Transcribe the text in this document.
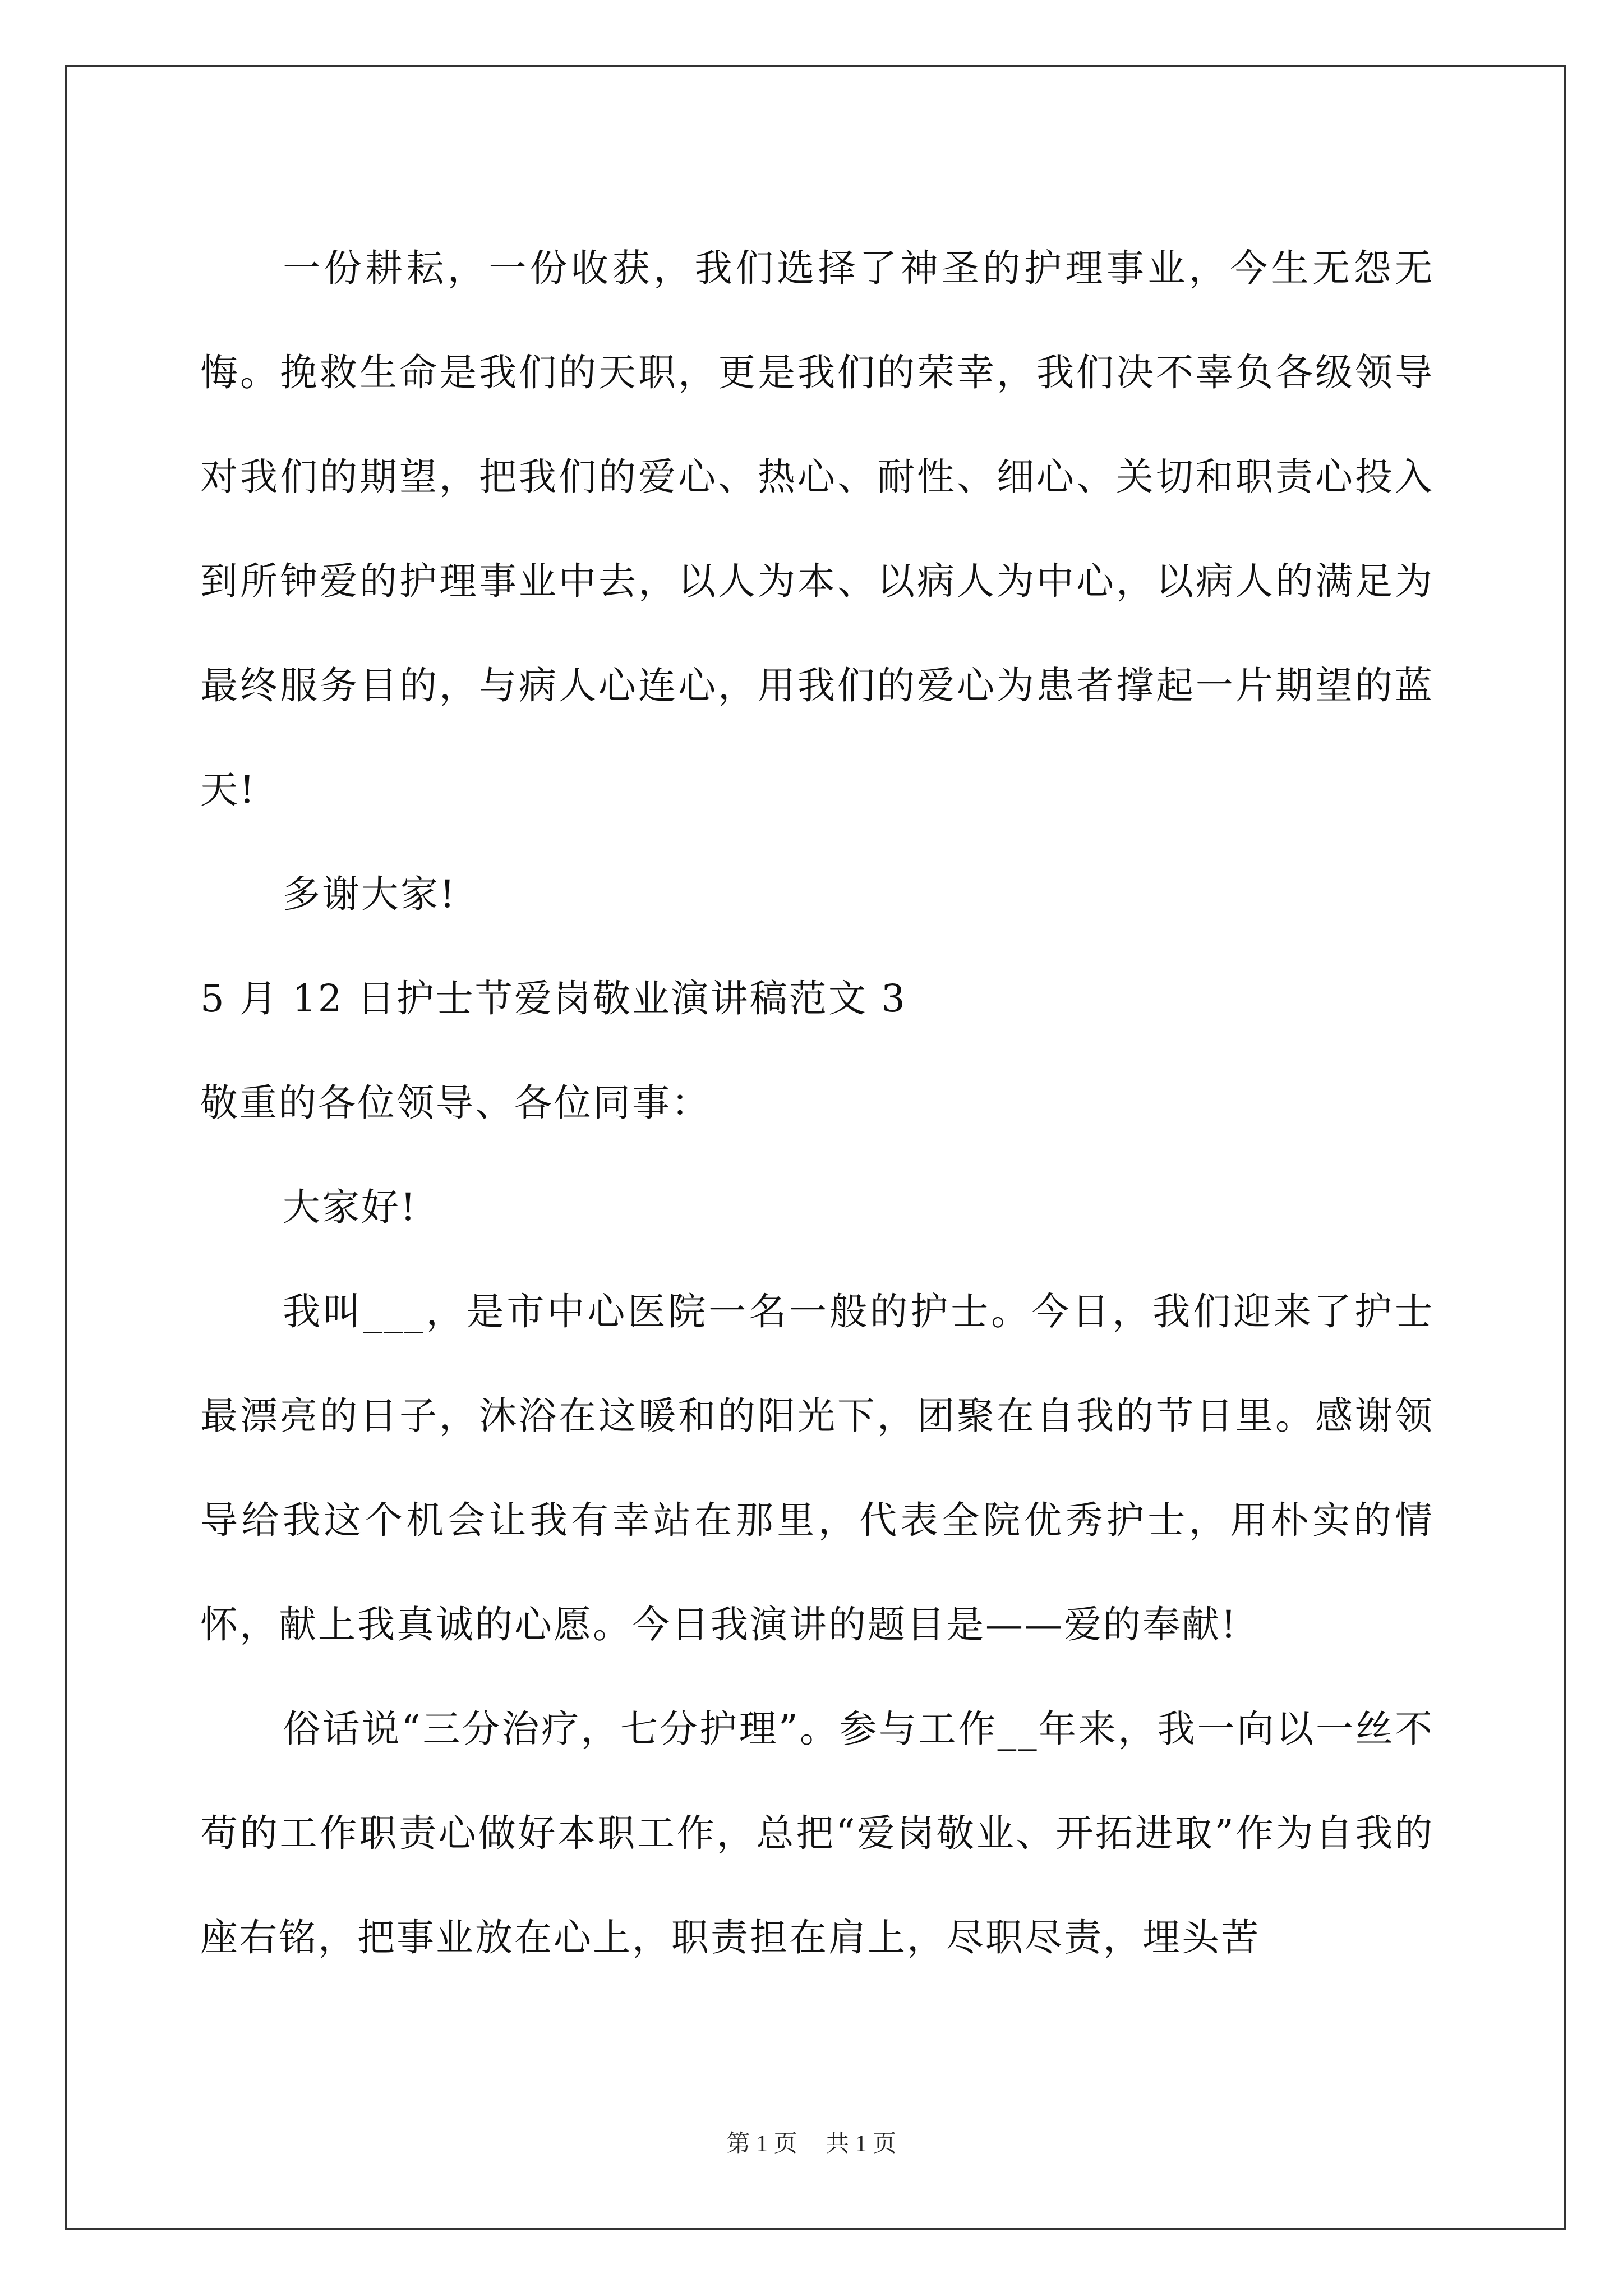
一份耕耘，一份收获，我们选择了神圣的护理事业，今生无怨无悔。挽救生命是我们的天职，更是我们的荣幸，我们决不辜负各级领导对我们的期望，把我们的爱心、热心、耐性、细心、关切和职责心投入到所钟爱的护理事业中去，以人为本、以病人为中心，以病人的满足为最终服务目的，与病人心连心，用我们的爱心为患者撑起一片期望的蓝天!

多谢大家!

5 月 12 日护士节爱岗敬业演讲稿范文 3

敬重的各位领导、各位同事：

大家好!

我叫___，是市中心医院一名一般的护士。今日，我们迎来了护士最漂亮的日子，沐浴在这暖和的阳光下，团聚在自我的节日里。感谢领导给我这个机会让我有幸站在那里，代表全院优秀护士，用朴实的情怀，献上我真诚的心愿。今日我演讲的题目是——爱的奉献!

俗话说“三分治疗，七分护理”。参与工作__年来，我一向以一丝不苟的工作职责心做好本职工作，总把“爱岗敬业、开拓进取”作为自我的座右铭，把事业放在心上，职责担在肩上，尽职尽责，埋头苦

第 1 页 共 1 页
